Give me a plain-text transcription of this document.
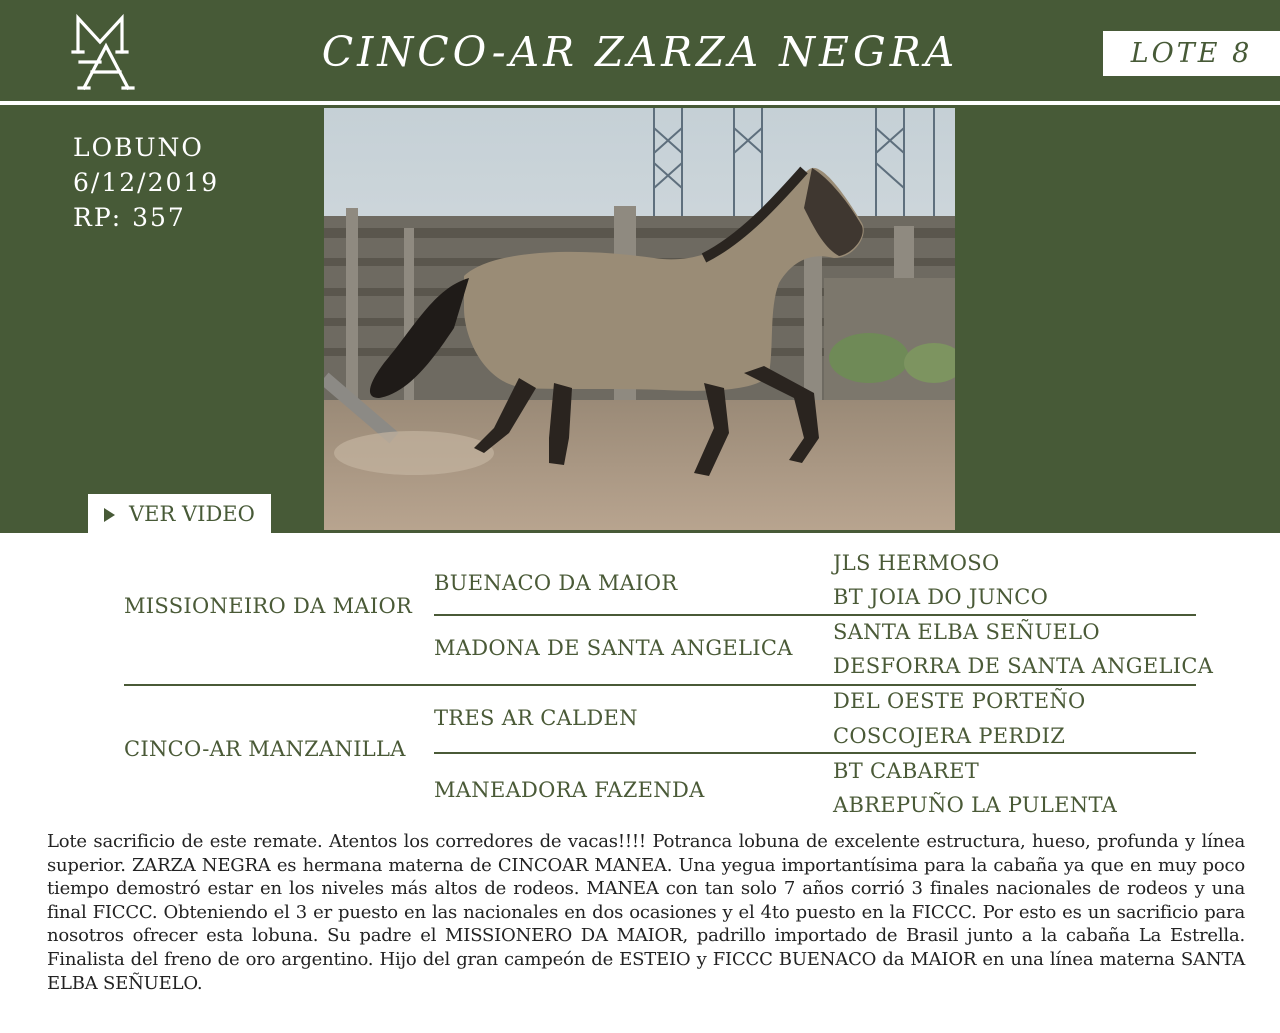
CINCO-AR ZARZA NEGRA	LOTE 8
LOBUNO
6/12/2019
RP: 357
VER VIDEO
MISSIONEIRO DA MAIOR
CINCO-AR MANZANILLA
BUENACO DA MAIOR
MADONA DE SANTA ANGELICA
TRES AR CALDEN
MANEADORA FAZENDA
JLS HERMOSO
BT JOIA DO JUNCO
SANTA ELBA SEÑUELO
DESFORRA DE SANTA ANGELICA
DEL OESTE PORTEÑO
COSCOJERA PERDIZ
BT CABARET
ABREPUÑO LA PULENTA
Lote sacrificio de este remate. Atentos los corredores de vacas!!!! Potranca lobuna de excelente estructura, hueso, profunda y línea superior. ZARZA NEGRA es hermana materna de CINCOAR MANEA. Una yegua importantísima para la cabaña ya que en muy poco tiempo demostró estar en los niveles más altos de rodeos. MANEA con tan solo 7 años corrió 3 finales nacionales de rodeos y una final FICCC. Obteniendo el 3 er puesto en las nacionales en dos ocasiones y el 4to puesto en la FICCC. Por esto es un sacrificio para nosotros ofrecer esta lobuna. Su padre el MISSIONERO DA MAIOR, padrillo importado de Brasil junto a la cabaña La Estrella. Finalista del freno de oro argentino. Hijo del gran campeón de ESTEIO y FICCC BUENACO da MAIOR en una línea materna SANTA ELBA SEÑUELO.
